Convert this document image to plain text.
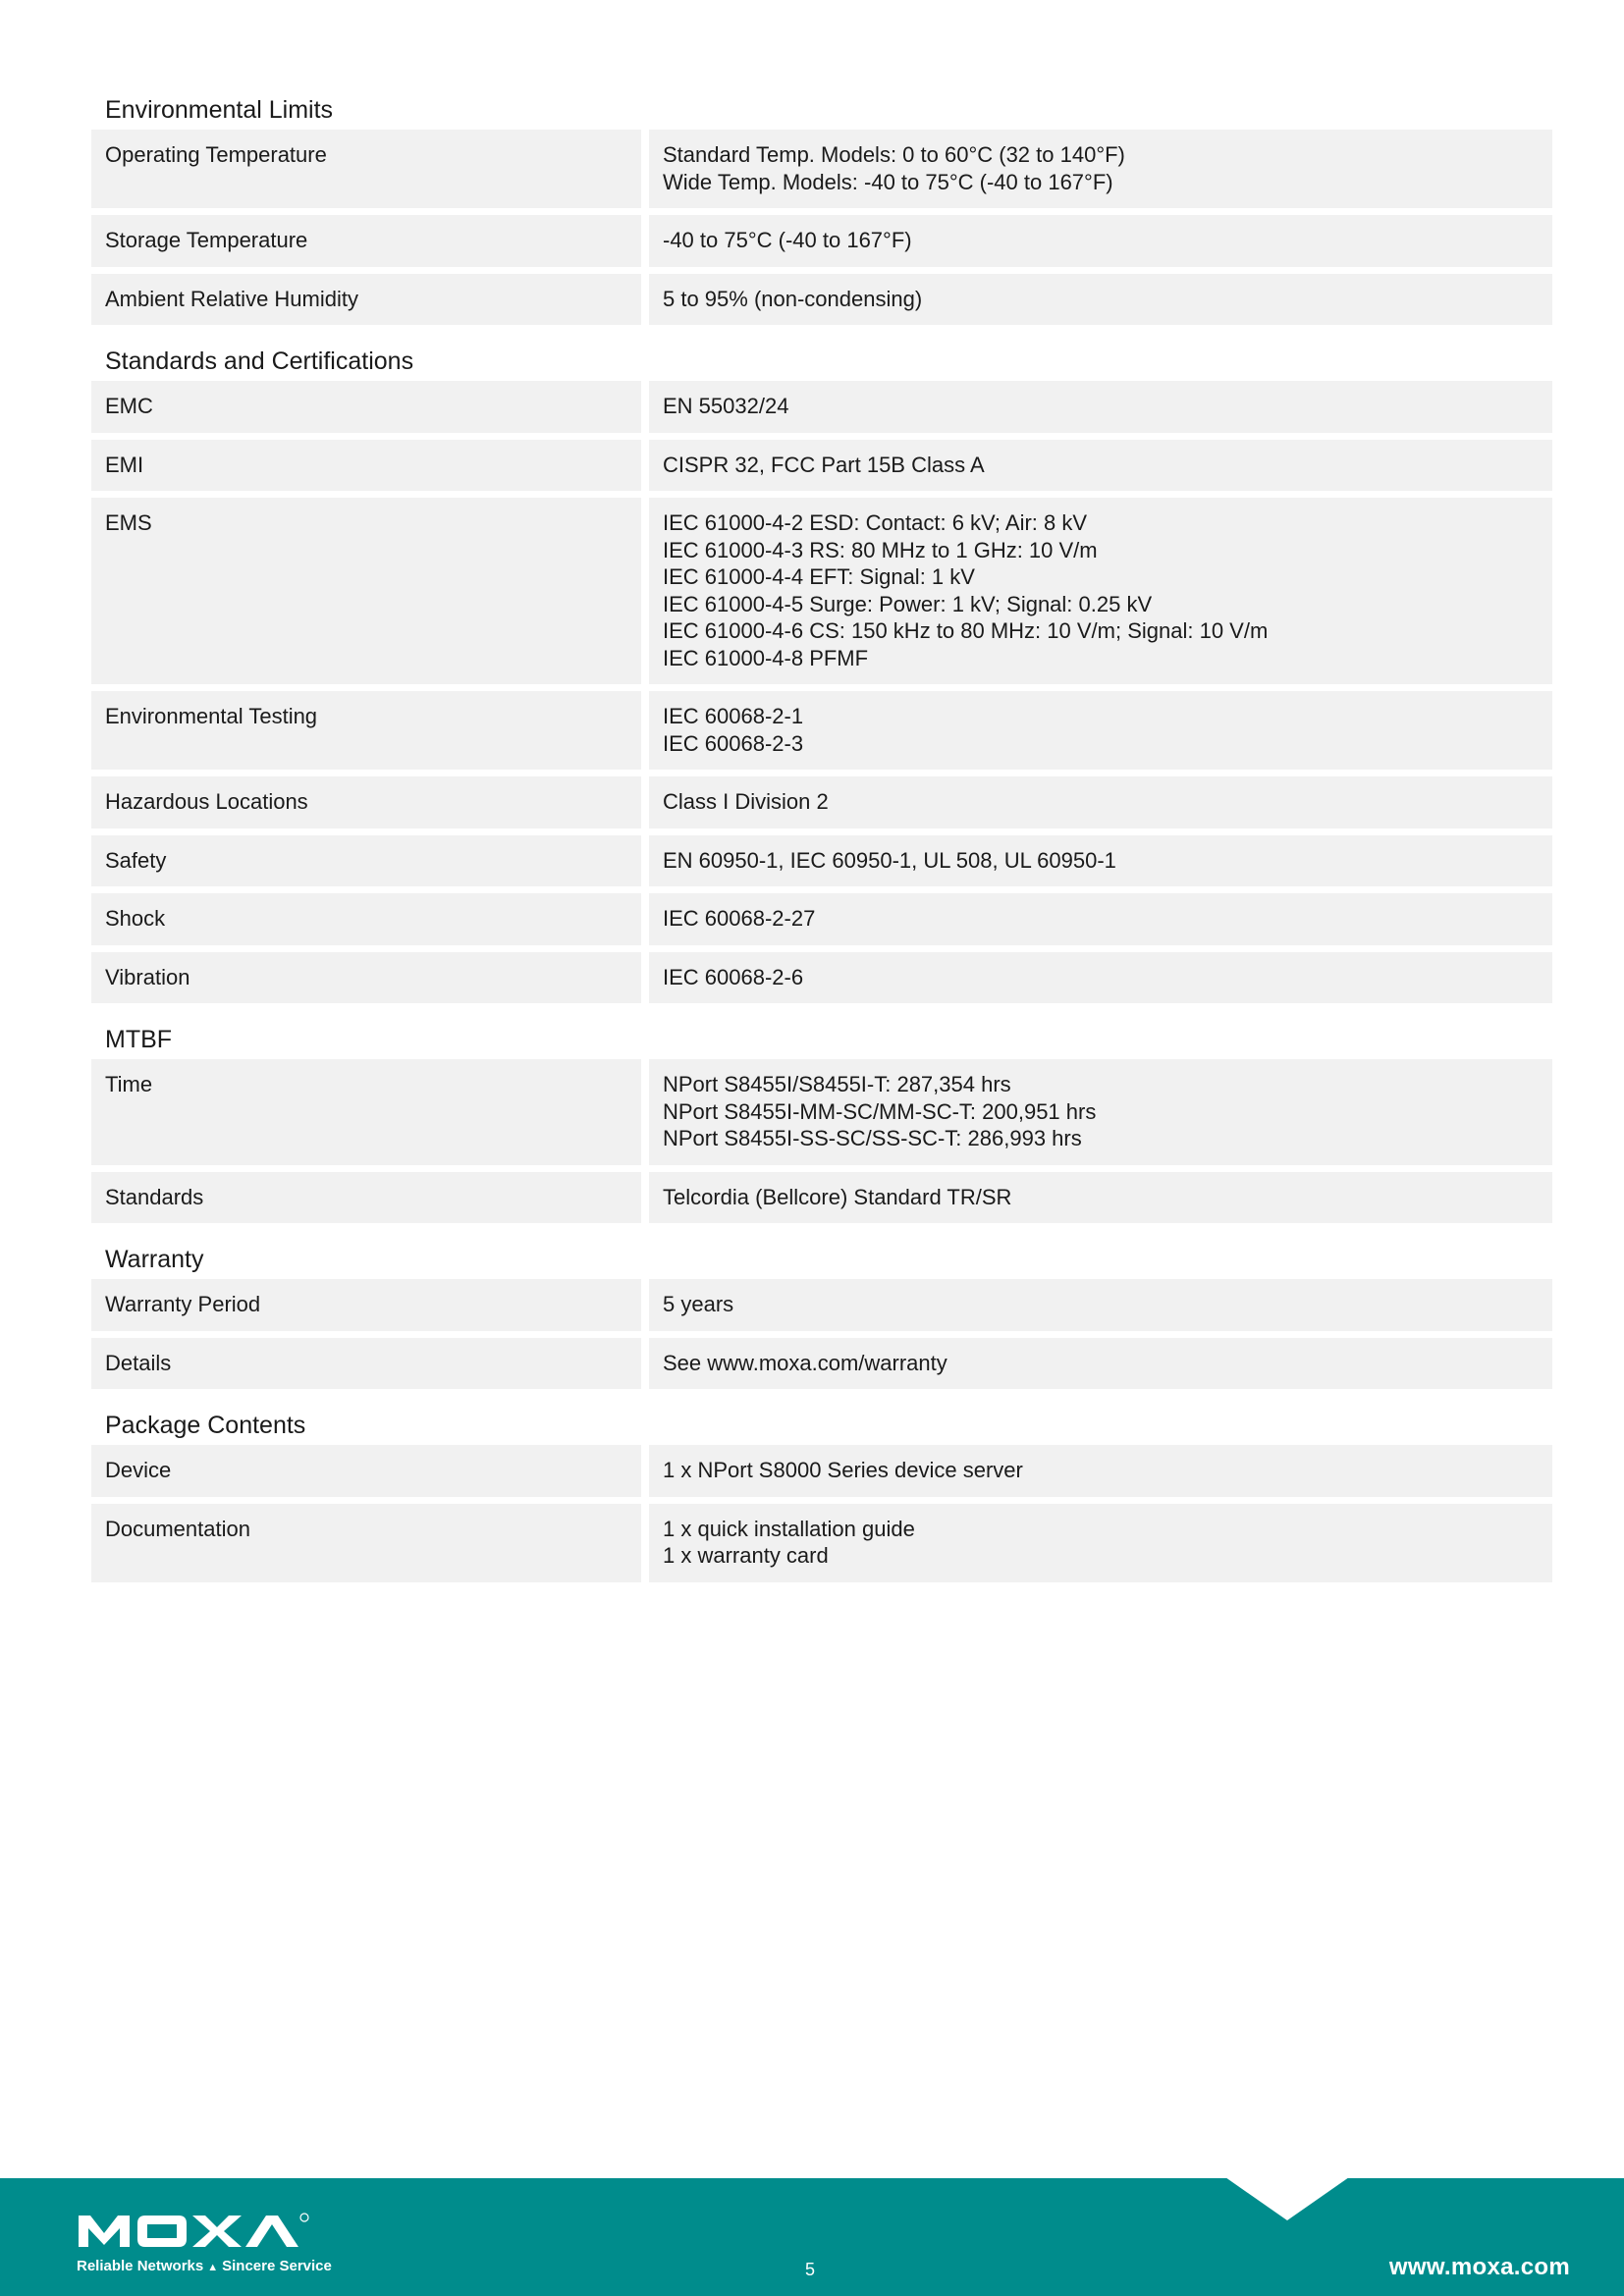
Environmental Limits
Operating Temperature	Standard Temp. Models: 0 to 60°C (32 to 140°F)
Wide Temp. Models: -40 to 75°C (-40 to 167°F)
Storage Temperature	-40 to 75°C (-40 to 167°F)
Ambient Relative Humidity	5 to 95% (non-condensing)
Standards and Certifications
EMC	EN 55032/24
EMI	CISPR 32, FCC Part 15B Class A
EMS	IEC 61000-4-2 ESD: Contact: 6 kV; Air: 8 kV
IEC 61000-4-3 RS: 80 MHz to 1 GHz: 10 V/m
IEC 61000-4-4 EFT: Signal: 1 kV
IEC 61000-4-5 Surge: Power: 1 kV; Signal: 0.25 kV
IEC 61000-4-6 CS: 150 kHz to 80 MHz: 10 V/m; Signal: 10 V/m
IEC 61000-4-8 PFMF
Environmental Testing	IEC 60068-2-1
IEC 60068-2-3
Hazardous Locations	Class I Division 2
Safety	EN 60950-1, IEC 60950-1, UL 508, UL 60950-1
Shock	IEC 60068-2-27
Vibration	IEC 60068-2-6
MTBF
Time	NPort S8455I/S8455I-T: 287,354 hrs
NPort S8455I-MM-SC/MM-SC-T: 200,951 hrs
NPort S8455I-SS-SC/SS-SC-T: 286,993 hrs
Standards	Telcordia (Bellcore) Standard TR/SR
Warranty
Warranty Period	5 years
Details	See www.moxa.com/warranty
Package Contents
Device	1 x NPort S8000 Series device server
Documentation	1 x quick installation guide
1 x warranty card
Reliable Networks ▲ Sincere Service	5	www.moxa.com
